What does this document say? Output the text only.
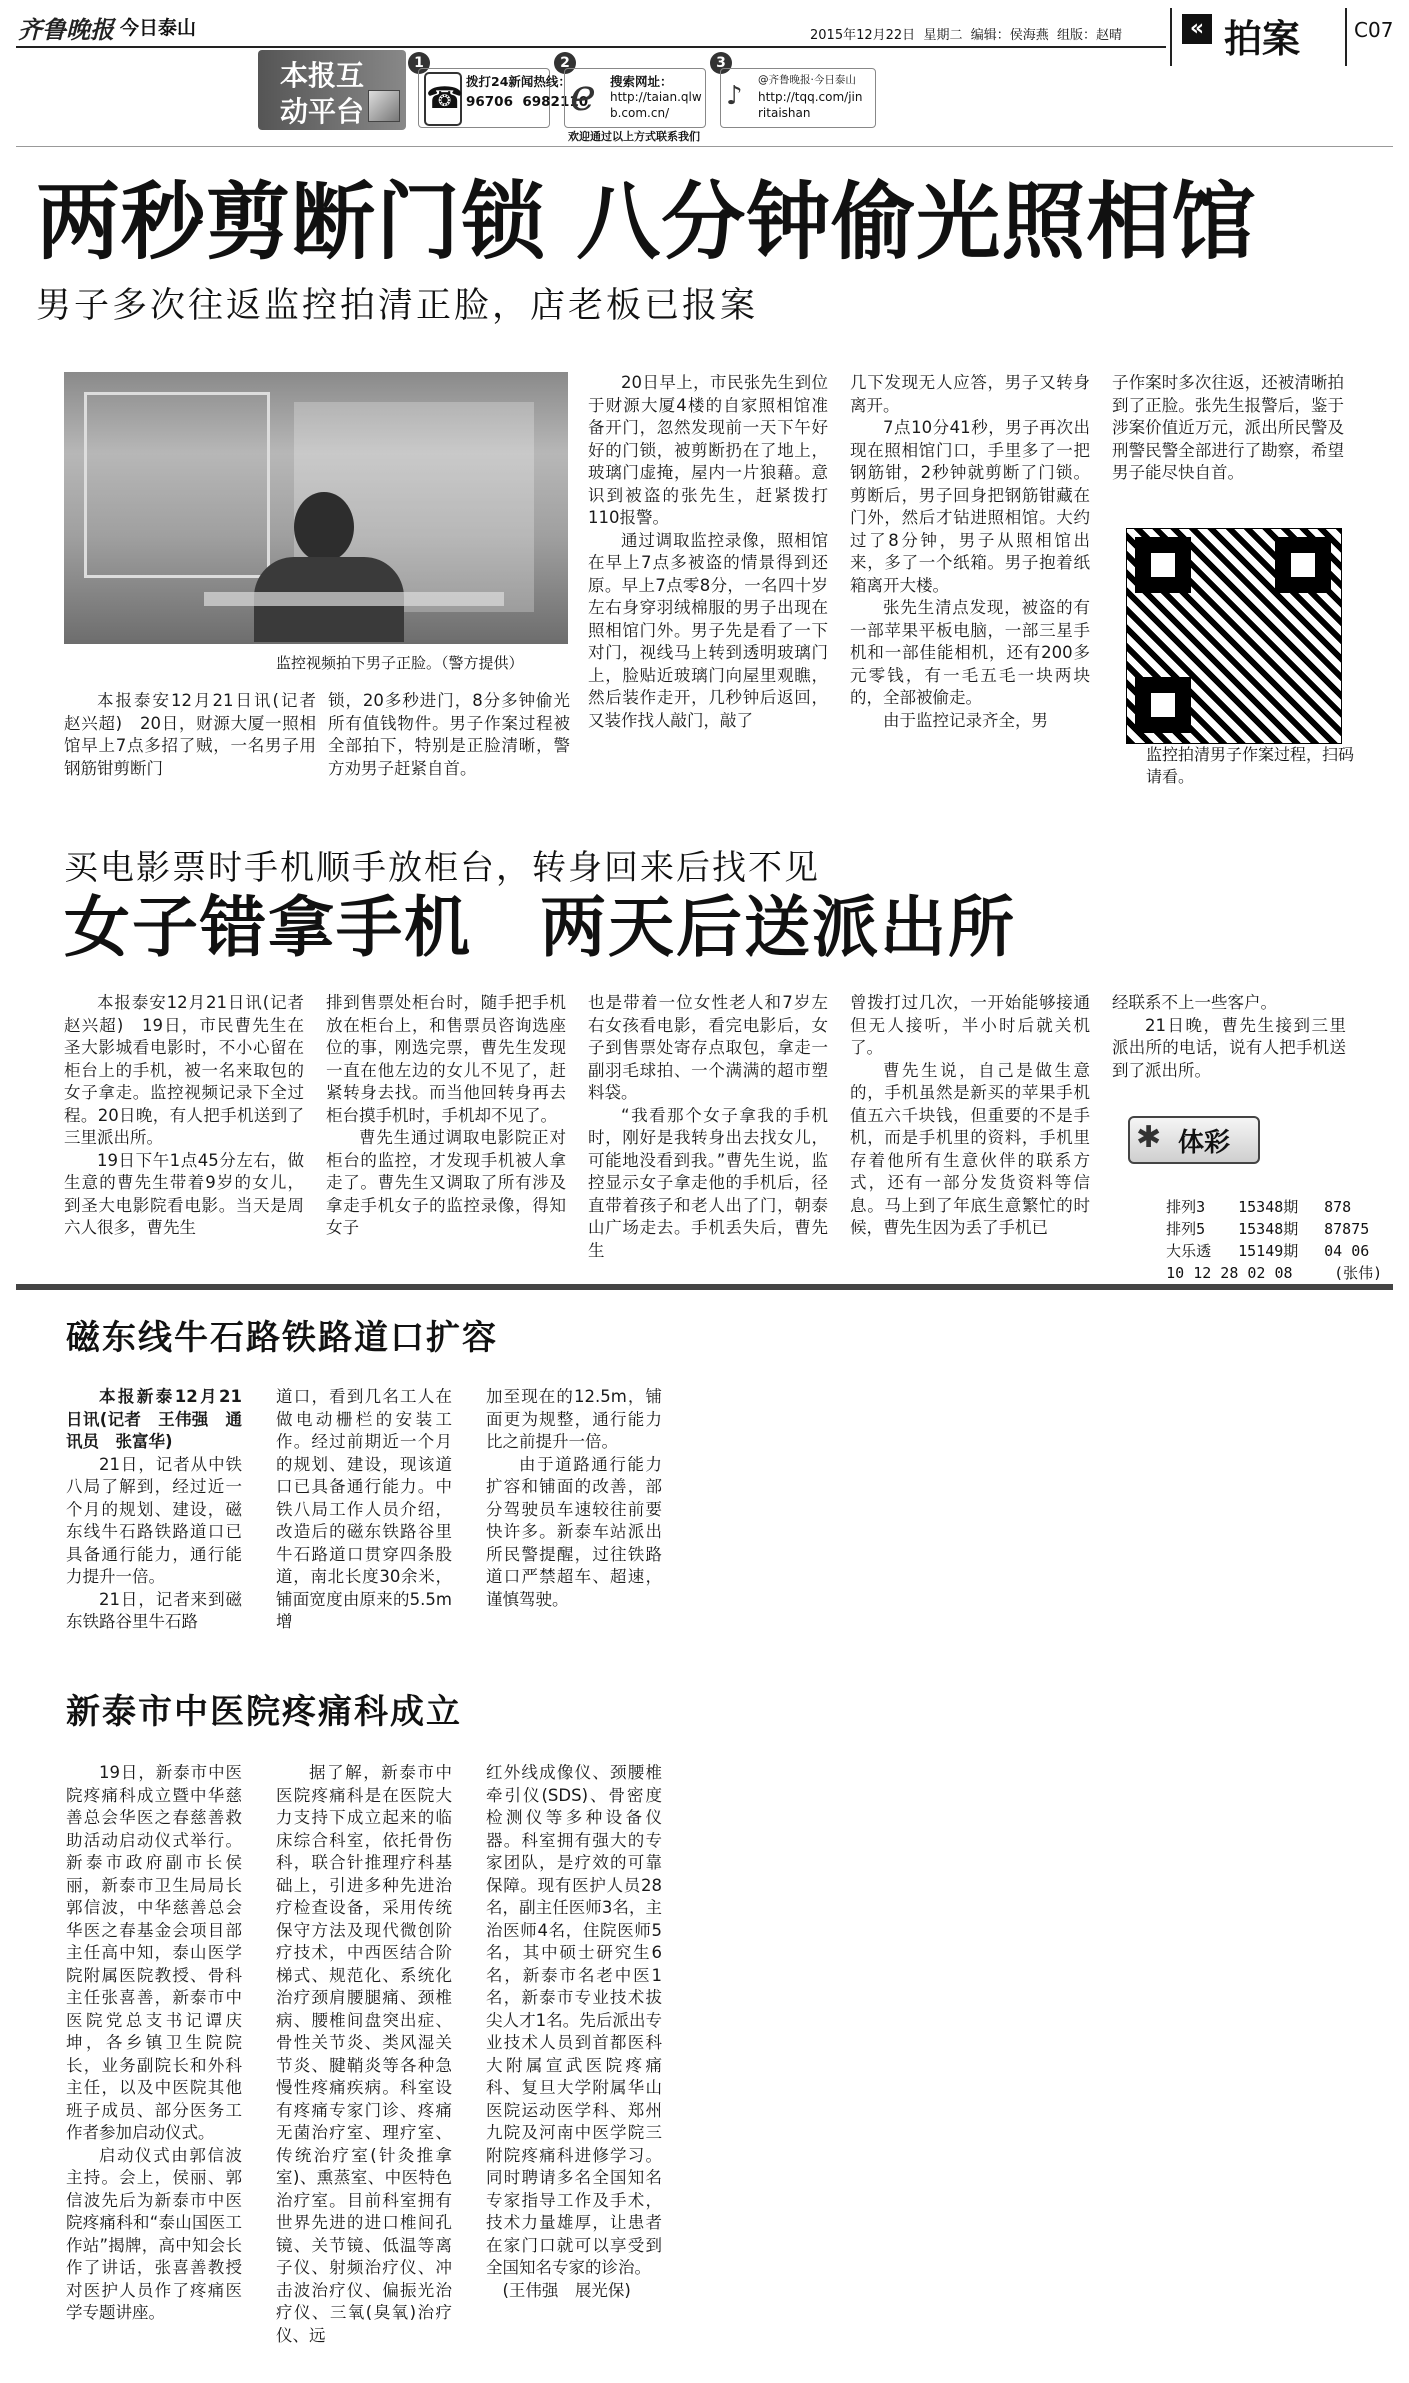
齐鲁晚报 今日泰山	2015年12月22日 星期二 编辑：侯海燕 组版：赵晴	« 拍案	C07
本报互
动平台
1
☎ 拨打24新闻热线：
96706  6982110
2
e	搜索网址：
http://taian.qlw
b.com.cn/
3
♪
@齐鲁晚报·今日泰山
http://tqq.com/jin
ritaishan
欢迎通过以上方式联系我们
两秒剪断门锁 八分钟偷光照相馆
男子多次往返监控拍清正脸，店老板已报案
监控视频拍下男子正脸。（警方提供）

本报泰安12月21日讯(记者　赵兴超)　20日，财源大厦一照相馆早上7点多招了贼，一名男子用钢筋钳剪断门

锁，20多秒进门，8分多钟偷光所有值钱物件。男子作案过程被全部拍下，特别是正脸清晰，警方劝男子赶紧自首。

20日早上，市民张先生到位于财源大厦4楼的自家照相馆准备开门，忽然发现前一天下午好好的门锁，被剪断扔在了地上，玻璃门虚掩，屋内一片狼藉。意识到被盗的张先生，赶紧拨打110报警。

通过调取监控录像，照相馆在早上7点多被盗的情景得到还原。早上7点零8分，一名四十岁左右身穿羽绒棉服的男子出现在照相馆门外。男子先是看了一下对门，视线马上转到透明玻璃门上，脸贴近玻璃门向屋里观瞧，然后装作走开，几秒钟后返回，又装作找人敲门，敲了

几下发现无人应答，男子又转身离开。

7点10分41秒，男子再次出现在照相馆门口，手里多了一把钢筋钳，2秒钟就剪断了门锁。剪断后，男子回身把钢筋钳藏在门外，然后才钻进照相馆。大约过了8分钟，男子从照相馆出来，多了一个纸箱。男子抱着纸箱离开大楼。

张先生清点发现，被盗的有一部苹果平板电脑，一部三星手机和一部佳能相机，还有200多元零钱，有一毛五毛一块两块的，全部被偷走。

由于监控记录齐全，男

子作案时多次往返，还被清晰拍到了正脸。张先生报警后，鉴于涉案价值近万元，派出所民警及刑警民警全部进行了勘察，希望男子能尽快自首。

监控拍清男子作案过程，扫码请看。
买电影票时手机顺手放柜台，转身回来后找不见
女子错拿手机　两天后送派出所

本报泰安12月21日讯(记者　赵兴超)　19日，市民曹先生在圣大影城看电影时，不小心留在柜台上的手机，被一名来取包的女子拿走。监控视频记录下全过程。20日晚，有人把手机送到了三里派出所。

19日下午1点45分左右，做生意的曹先生带着9岁的女儿，到圣大电影院看电影。当天是周六人很多，曹先生

排到售票处柜台时，随手把手机放在柜台上，和售票员咨询选座位的事，刚选完票，曹先生发现一直在他左边的女儿不见了，赶紧转身去找。而当他回转身再去柜台摸手机时，手机却不见了。

曹先生通过调取电影院正对柜台的监控，才发现手机被人拿走了。曹先生又调取了所有涉及拿走手机女子的监控录像，得知女子

也是带着一位女性老人和7岁左右女孩看电影，看完电影后，女子到售票处寄存点取包，拿走一副羽毛球拍、一个满满的超市塑料袋。

“我看那个女子拿我的手机时，刚好是我转身出去找女儿，可能地没看到我。”曹先生说，监控显示女子拿走他的手机后，径直带着孩子和老人出了门，朝泰山广场走去。手机丢失后，曹先生

曾拨打过几次，一开始能够接通但无人接听，半小时后就关机了。

曹先生说，自己是做生意的，手机虽然是新买的苹果手机值五六千块钱，但重要的不是手机，而是手机里的资料，手机里存着他所有生意伙伴的联系方式，还有一部分发货资料等信息。马上到了年底生意繁忙的时候，曹先生因为丢了手机已

经联系不上一些客户。

21日晚，曹先生接到三里派出所的电话，说有人把手机送到了派出所。

✱ 体彩

排列3 15348期 878

排列5 15348期 87875

大乐透 15149期 04 06

10 12 28 02 08	(张伟)

磁东线牛石路铁路道口扩容

本报新泰12月21日讯(记者　王伟强　通讯员　张富华)

21日，记者从中铁八局了解到，经过近一个月的规划、建设，磁东线牛石路铁路道口已具备通行能力，通行能力提升一倍。

21日，记者来到磁东铁路谷里牛石路

道口，看到几名工人在做电动栅栏的安装工作。经过前期近一个月的规划、建设，现该道口已具备通行能力。中铁八局工作人员介绍，改造后的磁东铁路谷里牛石路道口贯穿四条股道，南北长度30余米，铺面宽度由原来的5.5m增

加至现在的12.5m，铺面更为规整，通行能力比之前提升一倍。

由于道路通行能力扩容和铺面的改善，部分驾驶员车速较往前要快许多。新泰车站派出所民警提醒，过往铁路道口严禁超车、超速，谨慎驾驶。

新泰市中医院疼痛科成立

19日，新泰市中医院疼痛科成立暨中华慈善总会华医之春慈善救助活动启动仪式举行。新泰市政府副市长侯丽，新泰市卫生局局长郭信波，中华慈善总会华医之春基金会项目部主任高中知，泰山医学院附属医院教授、骨科主任张喜善，新泰市中医院党总支书记谭庆坤，各乡镇卫生院院长，业务副院长和外科主任，以及中医院其他班子成员、部分医务工作者参加启动仪式。

启动仪式由郭信波主持。会上，侯丽、郭信波先后为新泰市中医院疼痛科和“泰山国医工作站”揭牌，高中知会长作了讲话，张喜善教授对医护人员作了疼痛医学专题讲座。

据了解，新泰市中医院疼痛科是在医院大力支持下成立起来的临床综合科室，依托骨伤科，联合针推理疗科基础上，引进多种先进治疗检查设备，采用传统保守方法及现代微创阶疗技术，中西医结合阶梯式、规范化、系统化治疗颈肩腰腿痛、颈椎病、腰椎间盘突出症、骨性关节炎、类风湿关节炎、腱鞘炎等各种急慢性疼痛疾病。科室设有疼痛专家门诊、疼痛无菌治疗室、理疗室、传统治疗室(针灸推拿室)、熏蒸室、中医特色治疗室。目前科室拥有世界先进的进口椎间孔镜、关节镜、低温等离子仪、射频治疗仪、冲击波治疗仪、偏振光治疗仪、三氧(臭氧)治疗仪、远

红外线成像仪、颈腰椎牵引仪(SDS)、骨密度检测仪等多种设备仪器。科室拥有强大的专家团队，是疗效的可靠保障。现有医护人员28名，副主任医师3名，主治医师4名，住院医师5名，其中硕士研究生6名，新泰市名老中医1名，新泰市专业技术拔尖人才1名。先后派出专业技术人员到首都医科大附属宣武医院疼痛科、复旦大学附属华山医院运动医学科、郑州九院及河南中医学院三附院疼痛科进修学习。同时聘请多名全国知名专家指导工作及手术，技术力量雄厚，让患者在家门口就可以享受到全国知名专家的诊治。

(王伟强　展光保)
